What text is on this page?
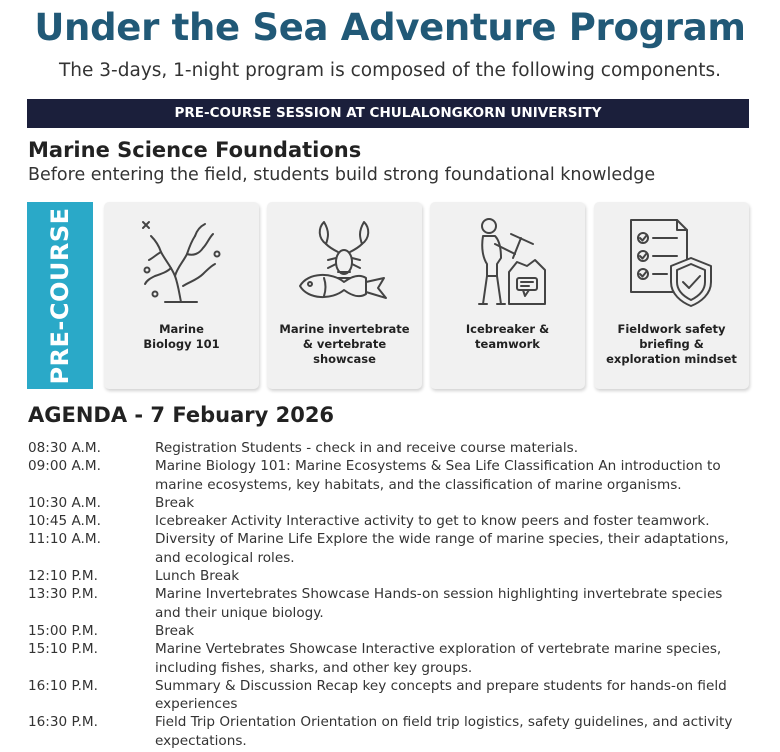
Under the Sea Adventure Program
The 3-days, 1-night program is composed of the following components.
PRE-COURSE SESSION AT CHULALONGKORN UNIVERSITY
Marine Science Foundations
Before entering the field, students build strong foundational knowledge
PRE-COURSE	Marine
Biology 101
Marine invertebrate
& vertebrate
showcase
Icebreaker &
teamwork
Fieldwork safety
briefing &
exploration mindset
AGENDA - 7 Febuary 2026
08:30 A.M.	Registration Students - check in and receive course materials.
09:00 A.M.	Marine Biology 101: Marine Ecosystems & Sea Life Classification An introduction to marine ecosystems, key habitats, and the classification of marine organisms.
10:30 A.M.	Break
10:45 A.M.	Icebreaker Activity Interactive activity to get to know peers and foster teamwork.
11:10 A.M.	Diversity of Marine Life Explore the wide range of marine species, their adaptations, and ecological roles.
12:10 P.M.	Lunch Break
13:30 P.M.	Marine Invertebrates Showcase Hands-on session highlighting invertebrate species and their unique biology.
15:00 P.M.	Break
15:10 P.M.	Marine Vertebrates Showcase Interactive exploration of vertebrate marine species, including fishes, sharks, and other key groups.
16:10 P.M.	Summary & Discussion Recap key concepts and prepare students for hands-on field experiences
16:30 P.M.	Field Trip Orientation Orientation on field trip logistics, safety guidelines, and activity expectations.
